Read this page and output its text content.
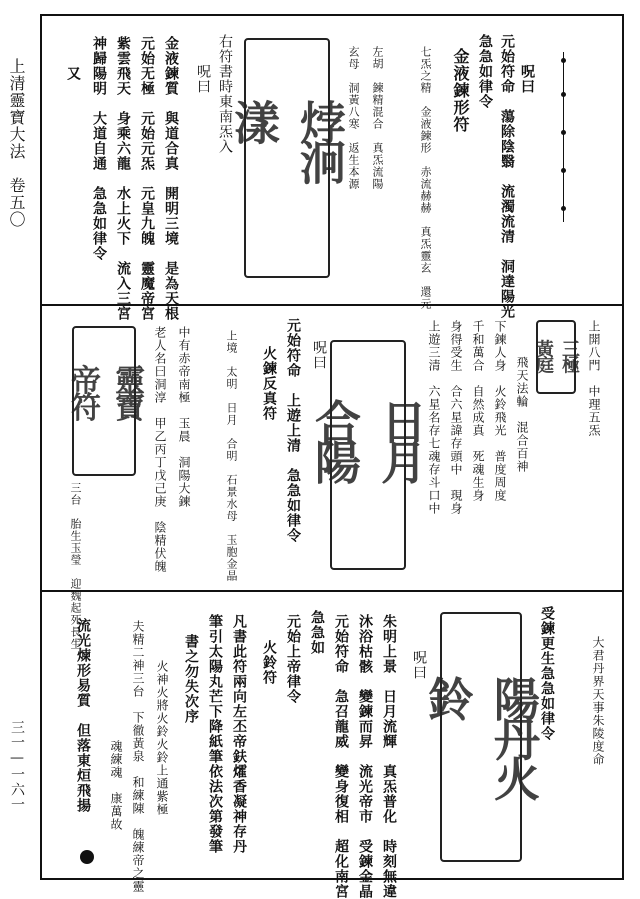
上清靈寶大法　卷五〇
三一—一六一
元始符命　蕩除陰翳　流濁流清　洞達陽光
急急如律令 呪曰
金液鍊形符
七炁之精　金液鍊形　赤流赫赫　真炁靈玄　還元
左胡　鍊精混合　真炁流陽
玄母　洞黃八寒　返生本源
㶿泂漾
右符書時東南炁入
呪曰
金液鍊質　與道合真　開明三境　是為天根
元始无極　元始元炁　元皇九魄　靈魔帝宮
紫雲飛天　身乘六龍　水上火下　流入三宮
神歸陽明　大道自通　急急如律令
又
三極黃庭	上開八門　中理五炁
飛天法輪　混合百神
下鍊人身　火鈴飛光　普度周度
千和萬合　自然成真　死魂生身
身得受生　合六星諱存頭中　現身
上遊三清　六星名存七魂存斗口中
日月合陽
呪曰
元始符命　上遊上清　急急如律令
火鍊反真符
上境　太明　日月　合明　石景水母　玉胞金晶
中有赤帝南極　玉晨　洞陽大鍊
老人名曰洞淳　甲乙丙丁戊己庚　陰精伏魄
靈寶帝符
三台　胎生玉瑩　迎魏起死長生
大君丹界天事朱陵度命
受鍊更生急急如律令
陽丹火鈴
呪曰
朱明上景　日月流輝　真炁普化　時刻無違
沐浴枯骸　變鍊而昇　流光帝市　受鍊金晶
元始符命　急召龍威　變身復相　超化南宮
急急如
元始上帝律令
火鈴符
凡書此符兩向左丕帝鈇㸌香凝神存丹
筆引太陽丸芒下降紙筆依法次第發筆
書之勿失次序
火神火將火鈴火鈴上通紫極
夫精二神三台　下徹黃泉　和練陳　魄練帝之靈
魂練魂　康萬故
流光煉形易質　但落東烜飛揚
